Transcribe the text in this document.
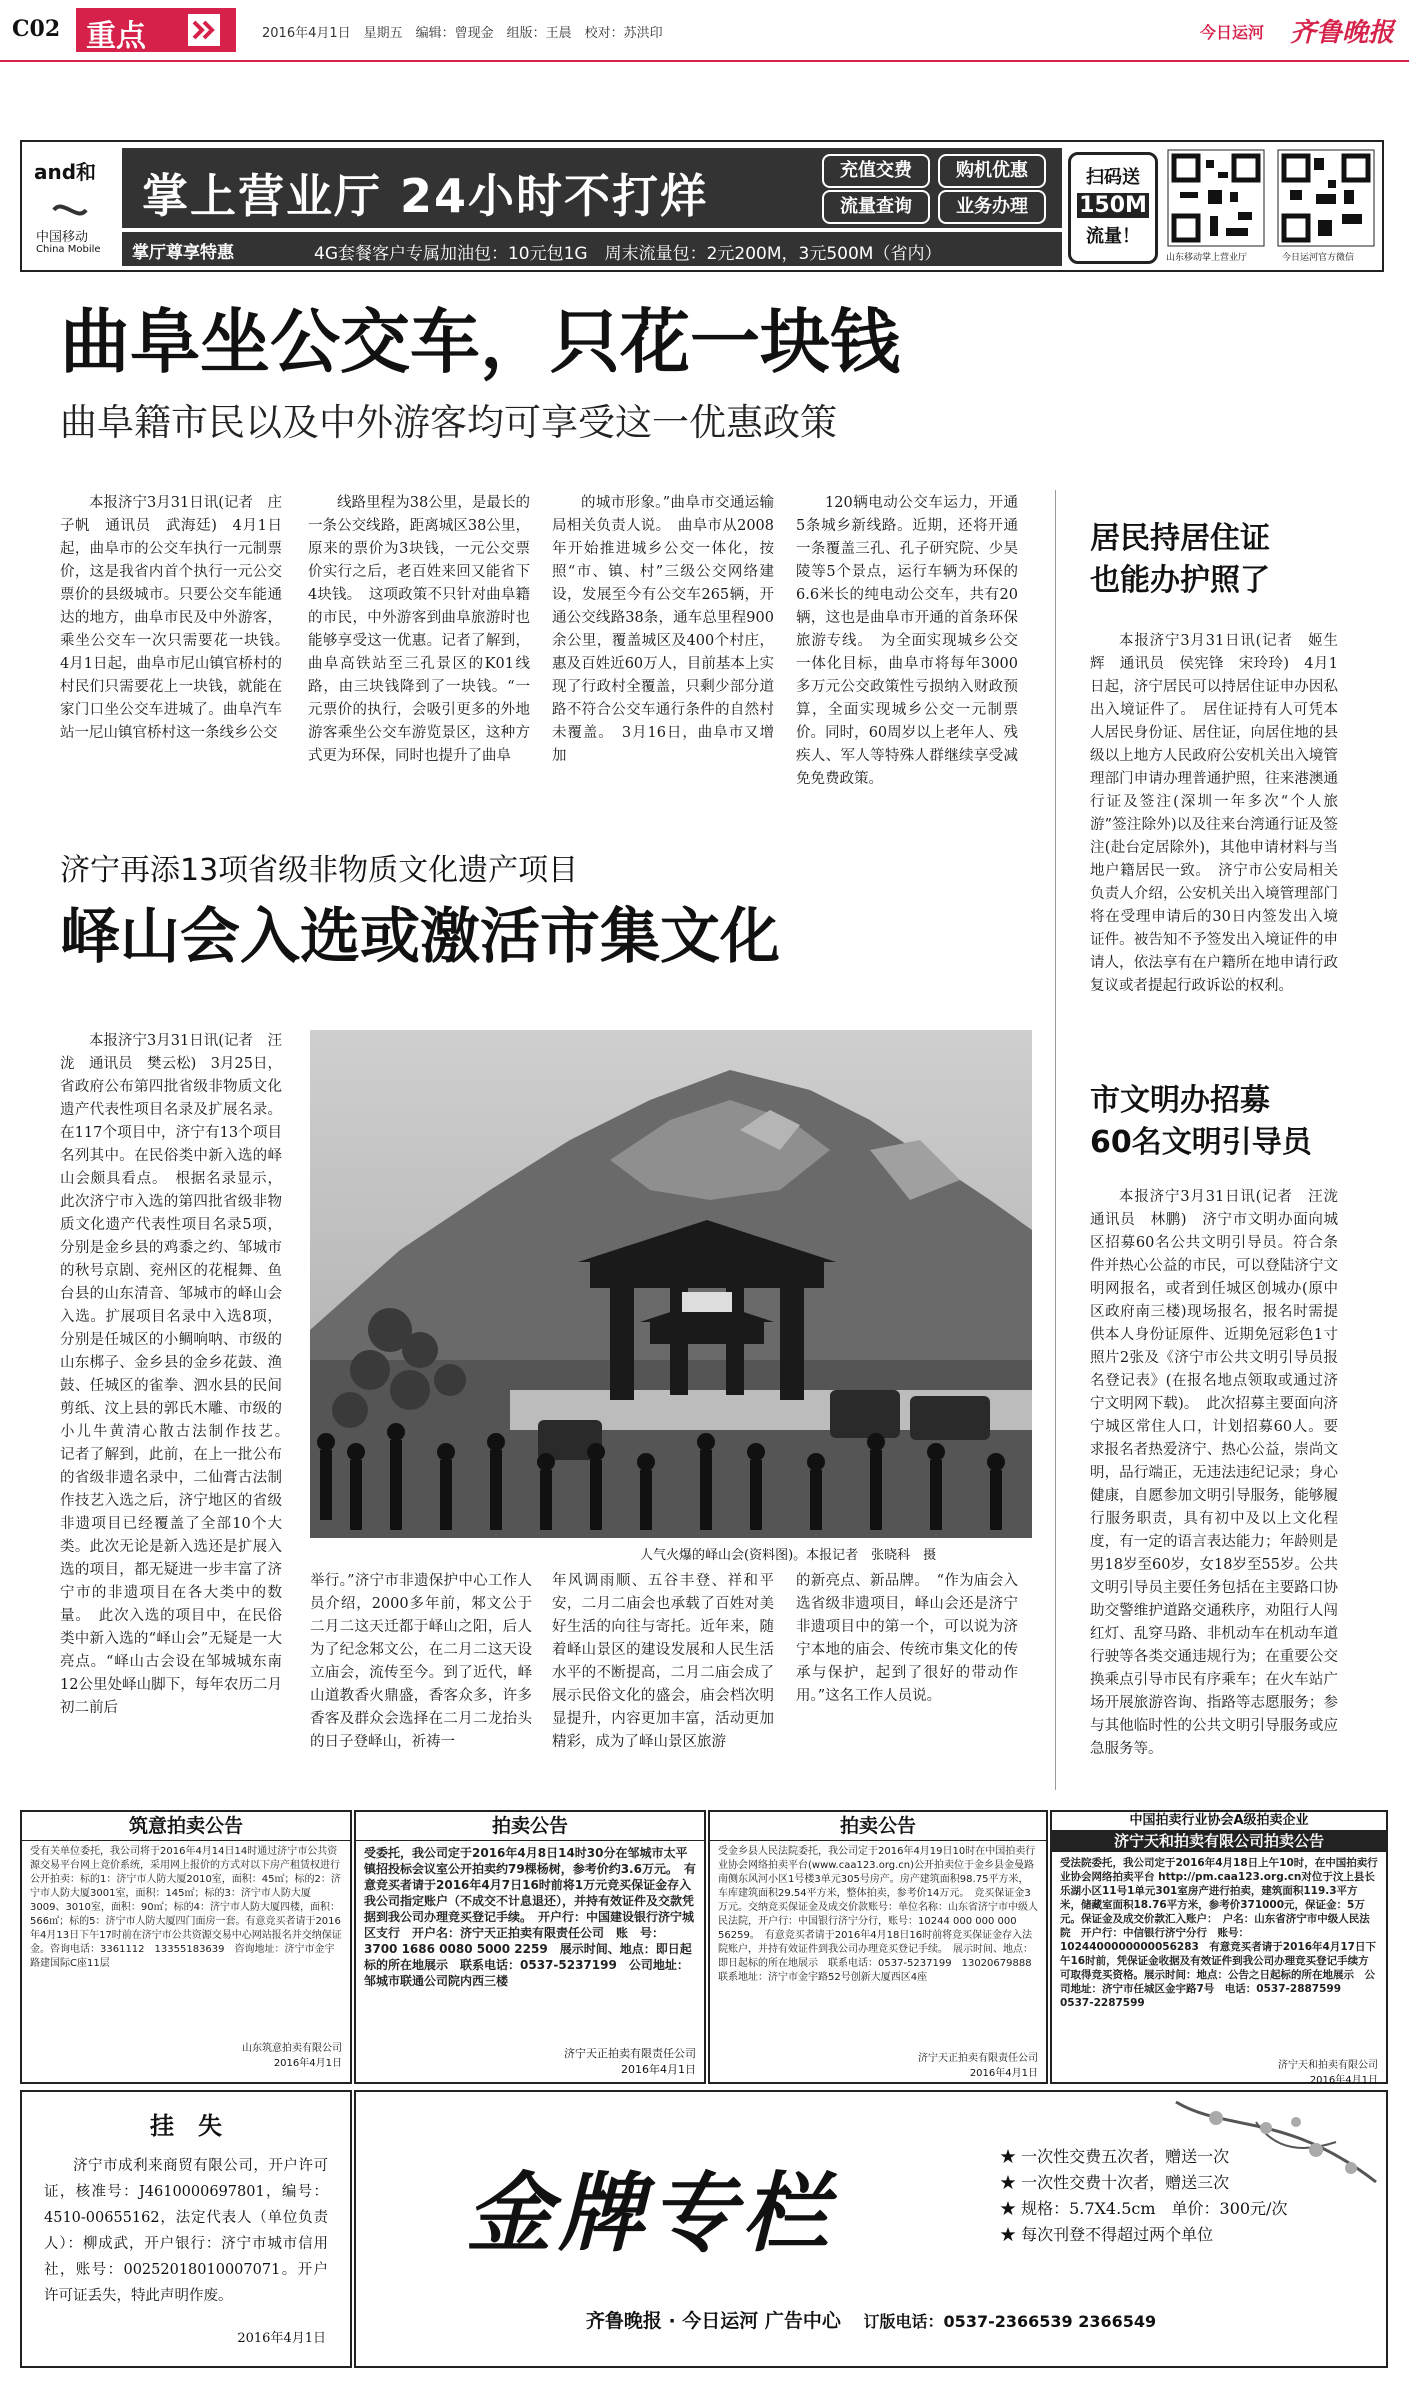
C02 重点	2016年4月1日　星期五　编辑：曾现金　组版：王晨　校对：苏洪印	今日运河 齐鲁晚报
and和
中国移动
China Mobile
掌上营业厅 24小时不打烊	充值交费	购机优惠
流量查询	业务办理
掌厅尊享特惠	4G套餐客户专属加油包：10元包1G　周末流量包：2元200M，3元500M（省内）
扫码送
150M
流量！
山东移动掌上营业厅	今日运河官方微信
曲阜坐公交车，只花一块钱
曲阜籍市民以及中外游客均可享受这一优惠政策

本报济宁3月31日讯(记者　庄子帆　通讯员　武海廷)　4月1日起，曲阜市的公交车执行一元制票价，这是我省内首个执行一元公交票价的县级城市。只要公交车能通达的地方，曲阜市民及中外游客，乘坐公交车一次只需要花一块钱。　4月1日起，曲阜市尼山镇官桥村的村民们只需要花上一块钱，就能在家门口坐公交车进城了。曲阜汽车站一尼山镇官桥村这一条线乡公交

线路里程为38公里，是最长的一条公交线路，距离城区38公里，原来的票价为3块钱，一元公交票价实行之后，老百姓来回又能省下4块钱。　这项政策不只针对曲阜籍的市民，中外游客到曲阜旅游时也能够享受这一优惠。记者了解到，曲阜高铁站至三孔景区的K01线路，由三块钱降到了一块钱。“一元票价的执行，会吸引更多的外地游客乘坐公交车游览景区，这种方式更为环保，同时也提升了曲阜

的城市形象。”曲阜市交通运输局相关负责人说。　曲阜市从2008年开始推进城乡公交一体化，按照“市、镇、村”三级公交网络建设，发展至今有公交车265辆，开通公交线路38条，通车总里程900余公里，覆盖城区及400个村庄，惠及百姓近60万人，目前基本上实现了行政村全覆盖，只剩少部分道路不符合公交车通行条件的自然村未覆盖。　3月16日，曲阜市又增加

120辆电动公交车运力，开通5条城乡新线路。近期，还将开通一条覆盖三孔、孔子研究院、少昊陵等5个景点，运行车辆为环保的6.6米长的纯电动公交车，共有20辆，这也是曲阜市开通的首条环保旅游专线。　为全面实现城乡公交一体化目标，曲阜市将每年3000多万元公交政策性亏损纳入财政预算，全面实现城乡公交一元制票价。同时，60周岁以上老年人、残疾人、军人等特殊人群继续享受减免免费政策。

济宁再添13项省级非物质文化遗产项目
峄山会入选或激活市集文化

本报济宁3月31日讯(记者　汪泷　通讯员　樊云松)　3月25日，省政府公布第四批省级非物质文化遗产代表性项目名录及扩展名录。在117个项目中，济宁有13个项目名列其中。在民俗类中新入选的峄山会颇具看点。　根据名录显示，此次济宁市入选的第四批省级非物质文化遗产代表性项目名录5项，分别是金乡县的鸡黍之约、邹城市的秋号京剧、兖州区的花棍舞、鱼台县的山东清音、邹城市的峄山会入选。扩展项目名录中入选8项，分别是任城区的小鲷响呐、市级的山东梆子、金乡县的金乡花鼓、渔鼓、任城区的雀拳、泗水县的民间剪纸、汶上县的郭氏木雕、市级的小儿牛黄清心散古法制作技艺。　记者了解到，此前，在上一批公布的省级非遗名录中，二仙膏古法制作技艺入选之后，济宁地区的省级非遗项目已经覆盖了全部10个大类。此次无论是新入选还是扩展入选的项目，都无疑进一步丰富了济宁市的非遗项目在各大类中的数量。　此次入选的项目中，在民俗类中新入选的“峄山会”无疑是一大亮点。“峄山古会设在邹城城东南12公里处峄山脚下，每年农历二月初二前后

人气火爆的峄山会(资料图)。本报记者　张晓科　摄

举行。”济宁市非遗保护中心工作人员介绍，2000多年前，邾文公于二月二这天迁都于峄山之阳，后人为了纪念邾文公，在二月二这天设立庙会，流传至今。到了近代，峄山道教香火鼎盛，香客众多，许多香客及群众会选择在二月二龙抬头的日子登峄山，祈祷一

年风调雨顺、五谷丰登、祥和平安，二月二庙会也承载了百姓对美好生活的向往与寄托。近年来，随着峄山景区的建设发展和人民生活水平的不断提高，二月二庙会成了展示民俗文化的盛会，庙会档次明显提升，内容更加丰富，活动更加精彩，成为了峄山景区旅游

的新亮点、新品牌。　“作为庙会入选省级非遗项目，峄山会还是济宁非遗项目中的第一个，可以说为济宁本地的庙会、传统市集文化的传承与保护，起到了很好的带动作用。”这名工作人员说。

居民持居住证
也能办护照了

本报济宁3月31日讯(记者　姬生辉　通讯员　侯宪锋　宋玲玲)　4月1日起，济宁居民可以持居住证申办因私出入境证件了。　居住证持有人可凭本人居民身份证、居住证，向居住地的县级以上地方人民政府公安机关出入境管理部门申请办理普通护照，往来港澳通行证及签注(深圳一年多次“个人旅游”签注除外)以及往来台湾通行证及签注(赴台定居除外)，其他申请材料与当地户籍居民一致。　济宁市公安局相关负责人介绍，公安机关出入境管理部门将在受理申请后的30日内签发出入境证件。被告知不予签发出入境证件的申请人，依法享有在户籍所在地申请行政复议或者提起行政诉讼的权利。

市文明办招募
60名文明引导员

本报济宁3月31日讯(记者　汪泷　通讯员　林鹏)　济宁市文明办面向城区招募60名公共文明引导员。符合条件并热心公益的市民，可以登陆济宁文明网报名，或者到任城区创城办(原中区政府南三楼)现场报名，报名时需提供本人身份证原件、近期免冠彩色1寸照片2张及《济宁市公共文明引导员报名登记表》(在报名地点领取或通过济宁文明网下载)。　此次招募主要面向济宁城区常住人口，计划招募60人。要求报名者热爱济宁、热心公益，崇尚文明，品行端正，无违法违纪记录；身心健康，自愿参加文明引导服务，能够履行服务职责，具有初中及以上文化程度，有一定的语言表达能力；年龄则是男18岁至60岁，女18岁至55岁。公共文明引导员主要任务包括在主要路口协助交警维护道路交通秩序，劝阻行人闯红灯、乱穿马路、非机动车在机动车道行驶等各类交通违规行为；在重要公交换乘点引导市民有序乘车；在火车站广场开展旅游咨询、指路等志愿服务；参与其他临时性的公共文明引导服务或应急服务等。

筑意拍卖公告

受有关单位委托，我公司将于2016年4月14日14时通过济宁市公共资源交易平台网上竞价系统，采用网上报价的方式对以下房产租赁权进行公开拍卖：标的1：济宁市人防大厦2010室，面积：45㎡；标的2：济宁市人防大厦3001室，面积：145㎡；标的3：济宁市人防大厦3009、3010室，面积：90㎡；标的4：济宁市人防大厦四楼，面积：566㎡；标的5：济宁市人防大厦四门面房一套。有意竞买者请于2016年4月13日下午17时前在济宁市公共资源交易中心网站报名并交纳保证金。咨询电话：3361112　13355183639　咨询地址：济宁市金宇路建国际C座11层

山东筑意拍卖有限公司
2016年4月1日
拍卖公告

受委托，我公司定于2016年4月8日14时30分在邹城市太平镇招投标会议室公开拍卖约79棵杨树，参考价约3.6万元。　有意竞买者请于2016年4月7日16时前将1万元竞买保证金存入我公司指定账户（不成交不计息退还），并持有效证件及交款凭据到我公司办理竞买登记手续。　开户行：中国建设银行济宁城区支行　开户名：济宁天正拍卖有限责任公司　账　号：3700 1686 0080 5000 2259　展示时间、地点：即日起标的所在地展示　联系电话：0537-5237199　公司地址：邹城市联通公司院内西三楼

济宁天正拍卖有限责任公司
2016年4月1日
拍卖公告

受金乡县人民法院委托，我公司定于2016年4月19日10时在中国拍卖行业协会网络拍卖平台(www.caa123.org.cn)公开拍卖位于金乡县金曼路南侧东风河小区1号楼3单元305号房产。房产建筑面积98.75平方米，车库建筑面积29.54平方米，整体拍卖，参考价14万元。　竞买保证金3万元。交纳竞买保证金及成交价款账号：单位名称：山东省济宁市中级人民法院，开户行：中国银行济宁分行，账号：10244 000 000 000 56259。　有意竞买者请于2016年4月18日16时前将竞买保证金存入法院账户，并持有效证件到我公司办理竞买登记手续。　展示时间、地点：即日起标的所在地展示　联系电话：0537-5237199　13020679888　联系地址：济宁市金宇路52号创新大厦西区4座

济宁天正拍卖有限责任公司
2016年4月1日
中国拍卖行业协会A级拍卖企业
济宁天和拍卖有限公司拍卖公告

受法院委托，我公司定于2016年4月18日上午10时，在中国拍卖行业协会网络拍卖平台 http://pm.caa123.org.cn对位于汶上县长乐湖小区11号1单元301室房产进行拍卖，建筑面积119.3平方米，储藏室面积18.76平方米，参考价371000元，保证金：5万元。保证金及成交价款汇入账户：　户名：山东省济宁市中级人民法院　开户行：中信银行济宁分行　账号：1024400000000056283　有意竞买者请于2016年4月17日下午16时前，凭保证金收据及有效证件到我公司办理竞买登记手续方可取得竞买资格。展示时间：地点：公告之日起标的所在地展示　公司地址：济宁市任城区金宇路7号　电话：0537-2887599　0537-2287599

济宁天和拍卖有限公司
2016年4月1日
挂　失

济宁市成利来商贸有限公司，开户许可证，核准号：J4610000697801，编号：4510-00655162，法定代表人（单位负责人）：柳成武，开户银行：济宁市城市信用社，账号：00252018010007071。开户许可证丢失，特此声明作废。

2016年4月1日
金牌专栏
★ 一次性交费五次者，赠送一次
★ 一次性交费十次者，赠送三次
★ 规格：5.7X4.5cm　单价：300元/次
★ 每次刊登不得超过两个单位
齐鲁晚报 · 今日运河 广告中心 订版电话：0537-2366539 2366549
